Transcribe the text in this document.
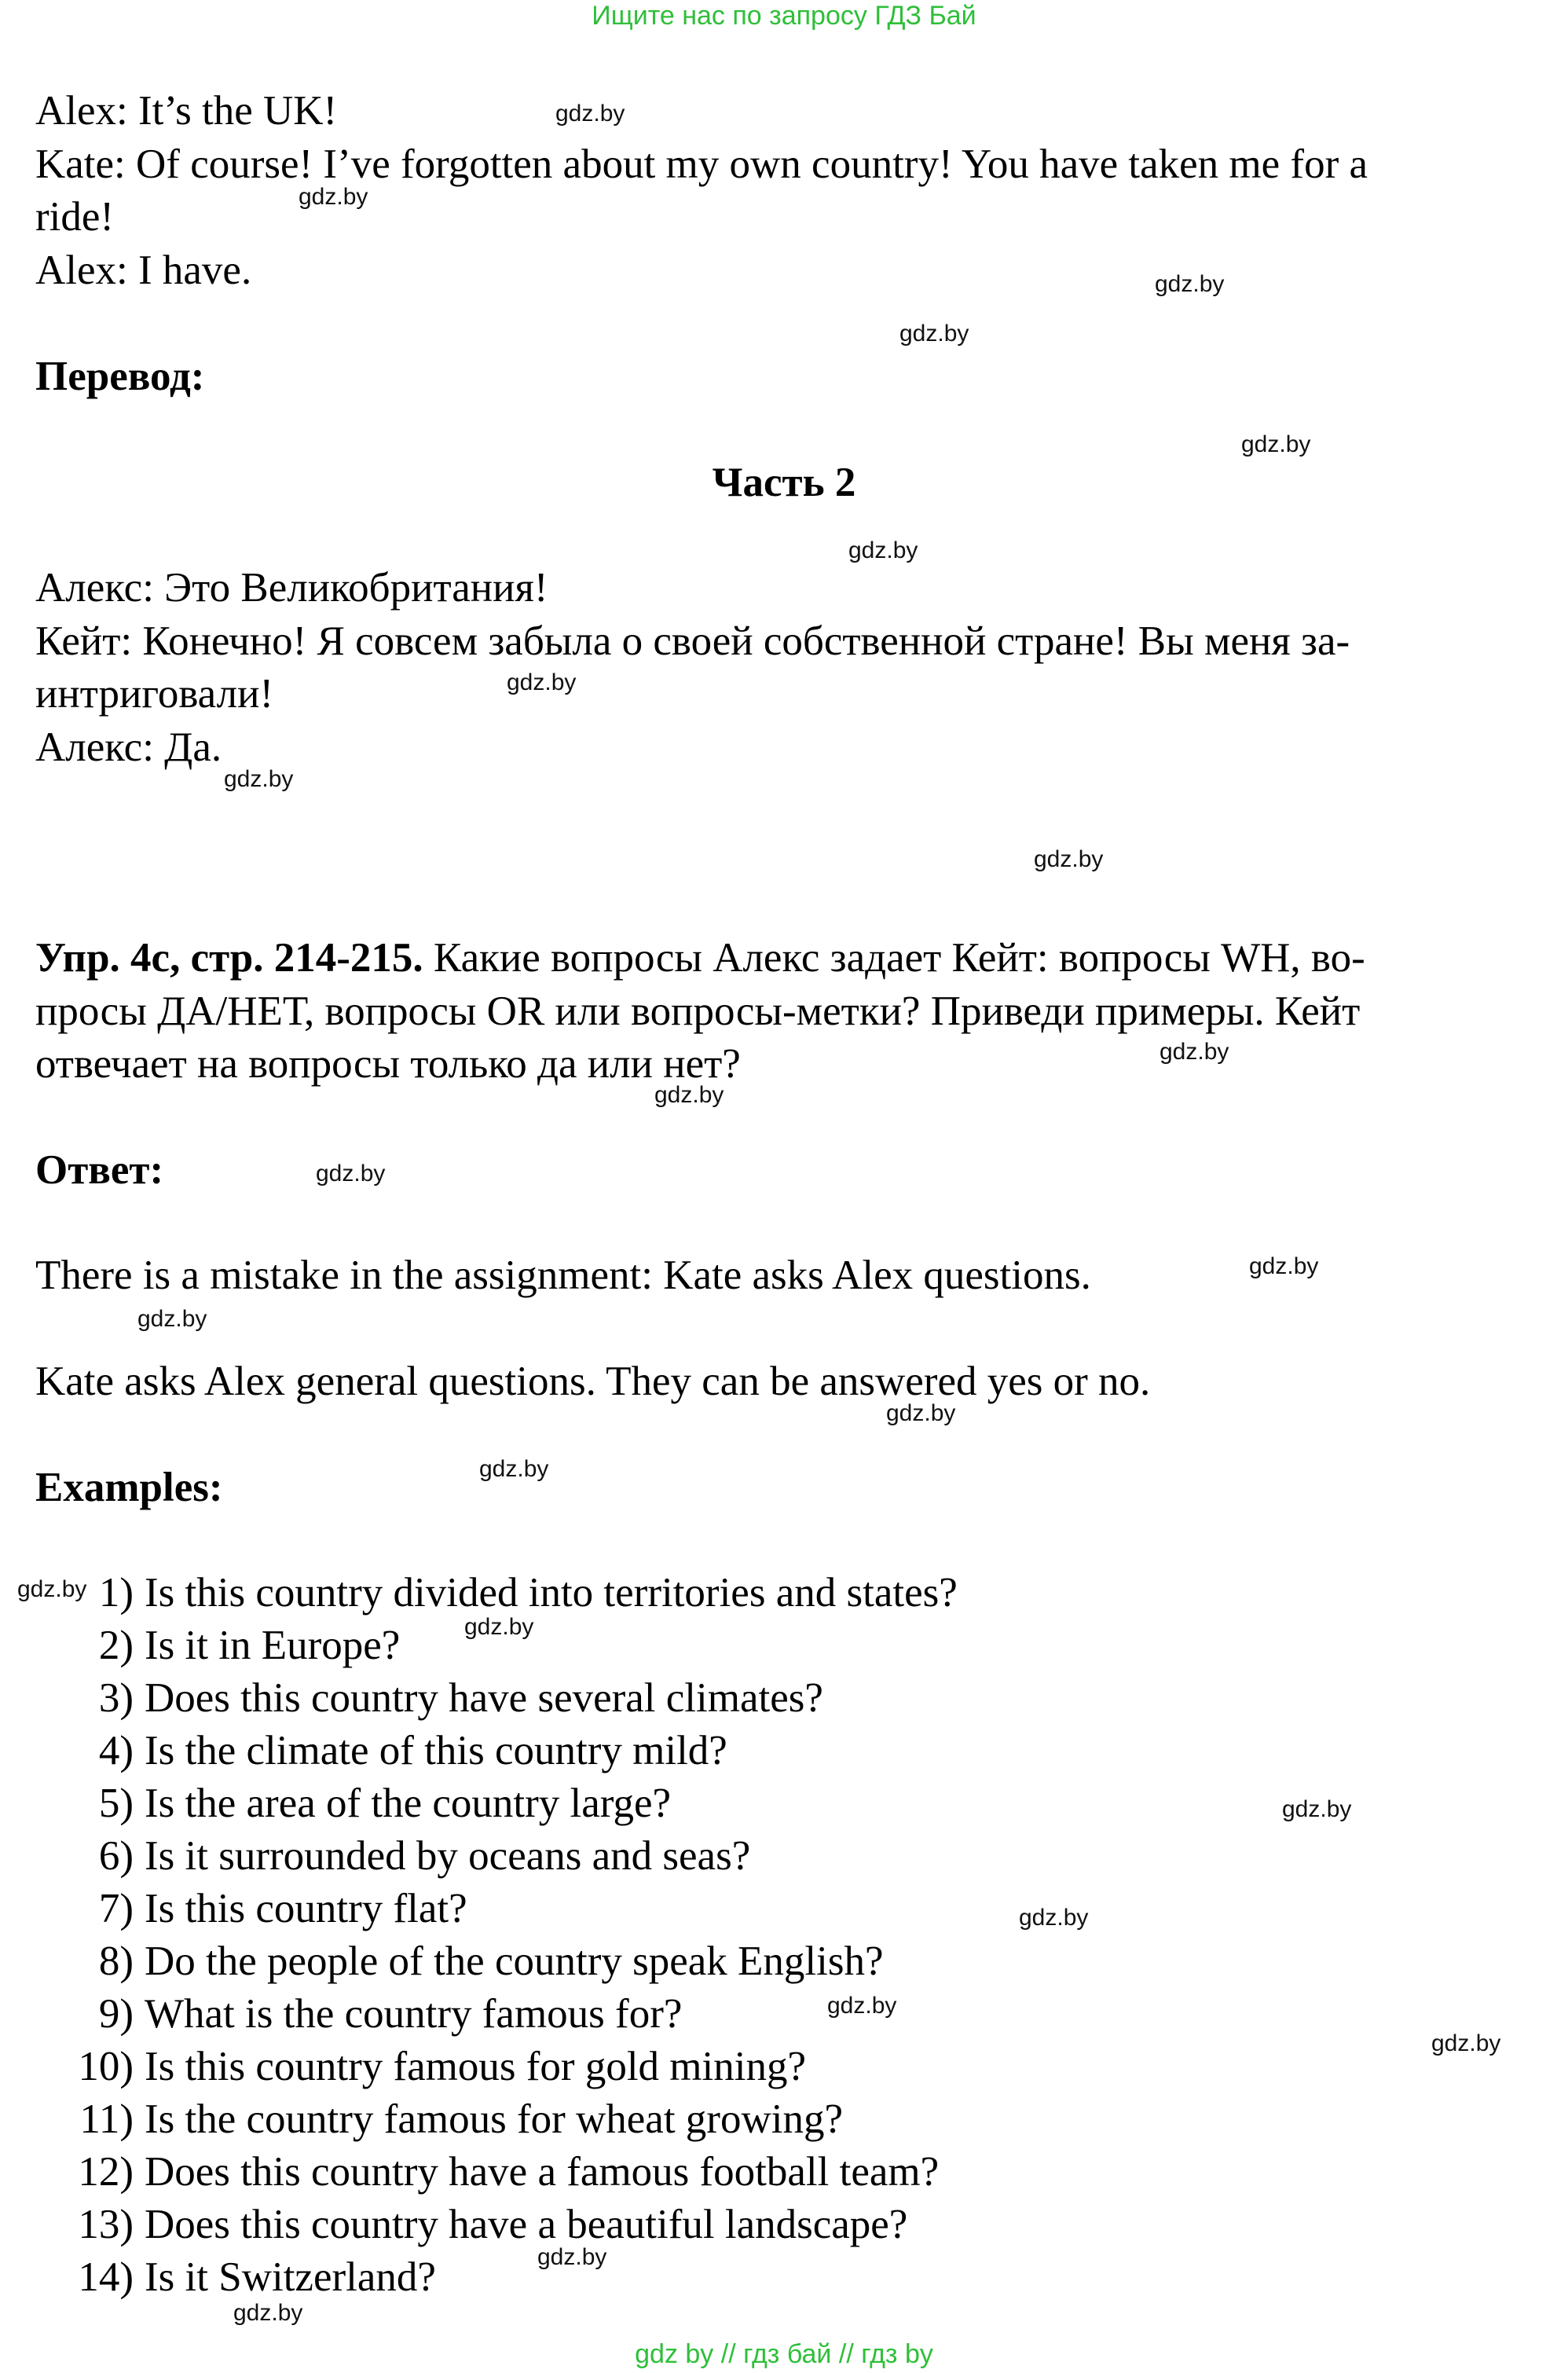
Ищите нас по запросу ГДЗ Бай
Alex: It’s the UK!
Kate: Of course! I’ve forgotten about my own country! You have taken me for a
ride!
Alex: I have.
Перевод:
Часть 2
Алекс: Это Великобритания!
Кейт: Конечно! Я совсем забыла о своей собственной стране! Вы меня за-
интриговали!
Алекс: Да.
Упр. 4c, стр. 214-215. Какие вопросы Алекс задает Кейт: вопросы WH, во-
просы ДА/НЕТ, вопросы OR или вопросы-метки? Приведи примеры. Кейт
отвечает на вопросы только да или нет?
Ответ:
There is a mistake in the assignment: Kate asks Alex questions.
Kate asks Alex general questions. They can be answered yes or no.
Examples:
1) Is this country divided into territories and states?
2) Is it in Europe?
3) Does this country have several climates?
4) Is the climate of this country mild?
5) Is the area of the country large?
6) Is it surrounded by oceans and seas?
7) Is this country flat?
8) Do the people of the country speak English?
9) What is the country famous for?
10) Is this country famous for gold mining?
11) Is the country famous for wheat growing?
12) Does this country have a famous football team?
13) Does this country have a beautiful landscape?
14) Is it Switzerland?
gdz.by
gdz.by
gdz.by
gdz.by
gdz.by
gdz.by
gdz.by
gdz.by
gdz.by
gdz.by
gdz.by
gdz.by
gdz.by
gdz.by
gdz.by
gdz.by
gdz.by
gdz.by
gdz.by
gdz.by
gdz.by
gdz.by
gdz.by
gdz.by
gdz by // гдз бай // гдз by
